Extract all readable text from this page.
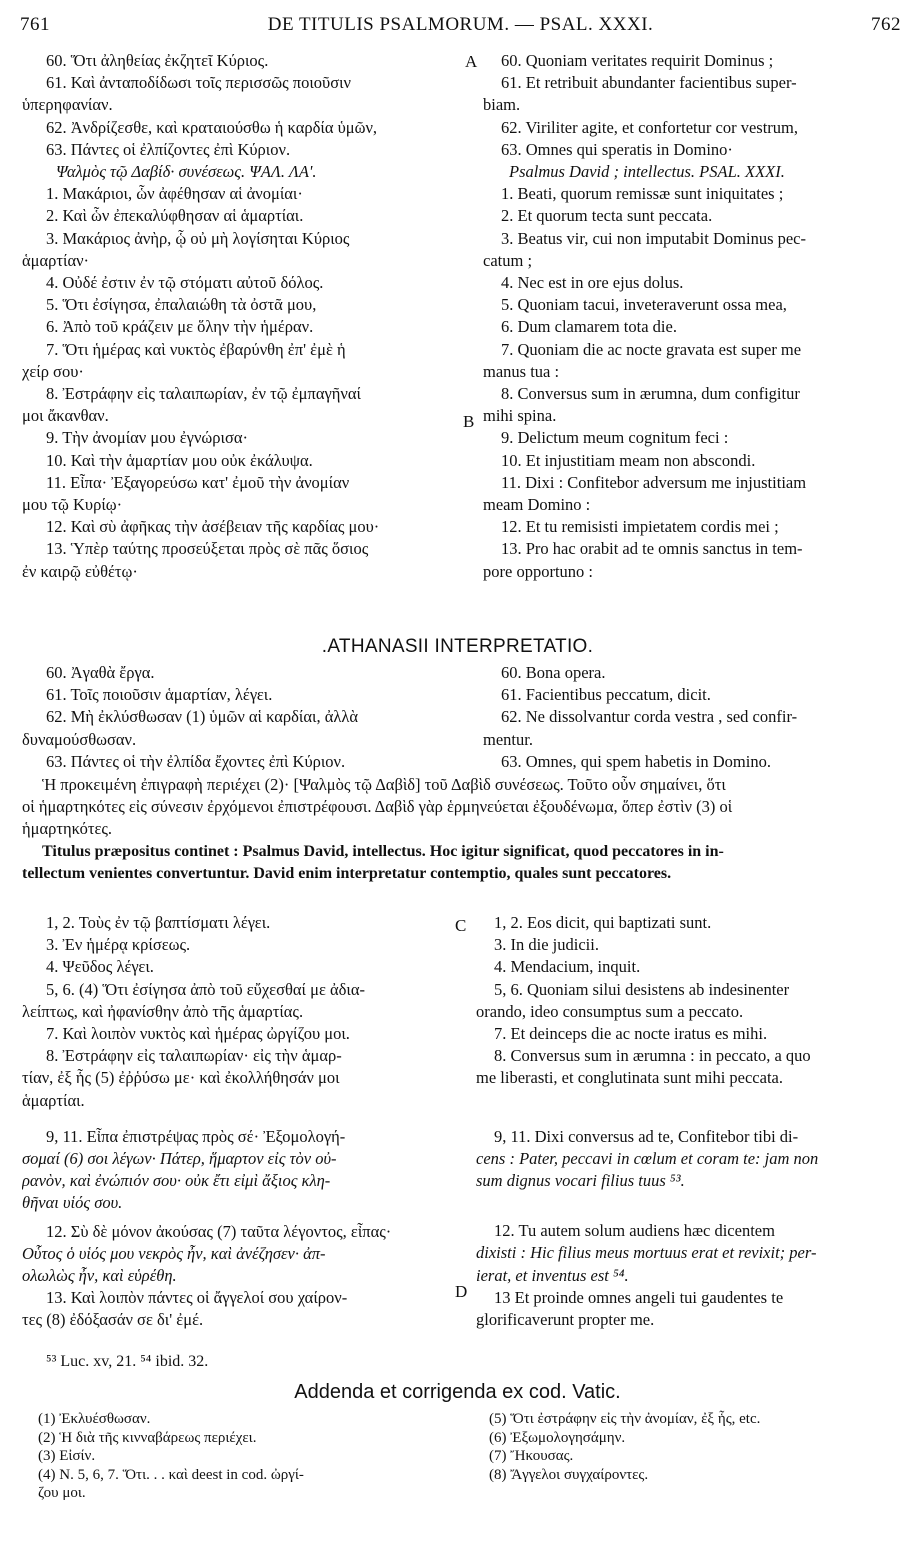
761	DE TITULIS PSALMORUM. — PSAL. XXXI.	762
60. Ὅτι ἀληθείας ἐκζητεῖ Κύριος.
61. Καὶ ἀνταποδίδωσι τοῖς περισσῶς ποιοῦσιν
ὑπερηφανίαν.
62. Ἀνδρίζεσθε, καὶ κραταιούσθω ἡ καρδία ὑμῶν,
63. Πάντες οἱ ἐλπίζοντες ἐπὶ Κύριον.
Ψαλμὸς τῷ Δαβίδ· συνέσεως. ΨΑΛ. ΛΑ'.
1. Μακάριοι, ὧν ἀφέθησαν αἱ ἀνομίαι·
2. Καὶ ὧν ἐπεκαλύφθησαν αἱ ἁμαρτίαι.
3. Μακάριος ἀνὴρ, ᾧ οὐ μὴ λογίσηται Κύριος
ἁμαρτίαν·
4. Οὐδέ ἐστιν ἐν τῷ στόματι αὐτοῦ δόλος.
5. Ὅτι ἐσίγησα, ἐπαλαιώθη τὰ ὀστᾶ μου,
6. Ἀπὸ τοῦ κράζειν με ὅλην τὴν ἡμέραν.
7. Ὅτι ἡμέρας καὶ νυκτὸς ἐβαρύνθη ἐπ' ἐμὲ ἡ
χείρ σου·
8. Ἐστράφην εἰς ταλαιπωρίαν, ἐν τῷ ἐμπαγῆναί
μοι ἄκανθαν.
9. Τὴν ἀνομίαν μου ἐγνώρισα·
10. Καὶ τὴν ἁμαρτίαν μου οὐκ ἐκάλυψα.
11. Εἶπα· Ἐξαγορεύσω κατ' ἐμοῦ τὴν ἀνομίαν
μου τῷ Κυρίῳ·
12. Καὶ σὺ ἀφῆκας τὴν ἀσέβειαν τῆς καρδίας μου·
13. Ὑπὲρ ταύτης προσεύξεται πρὸς σὲ πᾶς ὅσιος
ἐν καιρῷ εὐθέτῳ·
A
B
60. Quoniam veritates requirit Dominus ;
61. Et retribuit abundanter facientibus super-
biam.
62. Viriliter agite, et confortetur cor vestrum,
63. Omnes qui speratis in Domino·
Psalmus David ; intellectus. PSAL. XXXI.
1. Beati, quorum remissæ sunt iniquitates ;
2. Et quorum tecta sunt peccata.
3. Beatus vir, cui non imputabit Dominus pec-
catum ;
4. Nec est in ore ejus dolus.
5. Quoniam tacui, inveteraverunt ossa mea,
6. Dum clamarem tota die.
7. Quoniam die ac nocte gravata est super me
manus tua :
8. Conversus sum in ærumna, dum configitur
mihi spina.
9. Delictum meum cognitum feci :
10. Et injustitiam meam non abscondi.
11. Dixi : Confitebor adversum me injustitiam
meam Domino :
12. Et tu remisisti impietatem cordis mei ;
13. Pro hac orabit ad te omnis sanctus in tem-
pore opportuno :
.ATHANASII INTERPRETATIO.
60. Ἀγαθὰ ἔργα.
61. Τοῖς ποιοῦσιν ἁμαρτίαν, λέγει.
62. Μὴ ἐκλύσθωσαν (1) ὑμῶν αἱ καρδίαι, ἀλλὰ
δυναμούσθωσαν.
63. Πάντες οἱ τὴν ἐλπίδα ἔχοντες ἐπὶ Κύριον.
60. Bona opera.
61. Facientibus peccatum, dicit.
62. Ne dissolvantur corda vestra , sed confir-
mentur.
63. Omnes, qui spem habetis in Domino.
Ἡ προκειμένη ἐπιγραφὴ περιέχει (2)· [Ψαλμὸς τῷ Δαβὶδ] τοῦ Δαβὶδ συνέσεως. Τοῦτο οὖν σημαίνει, ὅτι
οἱ ἡμαρτηκότες εἰς σύνεσιν ἐρχόμενοι ἐπιστρέφουσι. Δαβὶδ γὰρ ἑρμηνεύεται ἐξουδένωμα, ὅπερ ἐστὶν (3) οἱ
ἡμαρτηκότες.
Titulus præpositus continet : Psalmus David, intellectus. Hoc igitur significat, quod peccatores in in-
tellectum venientes convertuntur. David enim interpretatur contemptio, quales sunt peccatores.
C
D
1, 2. Τοὺς ἐν τῷ βαπτίσματι λέγει.
3. Ἐν ἡμέρᾳ κρίσεως.
4. Ψεῦδος λέγει.
5, 6. (4) Ὅτι ἐσίγησα ἀπὸ τοῦ εὔχεσθαί με ἀδια-
λείπτως, καὶ ἠφανίσθην ἀπὸ τῆς ἁμαρτίας.
7. Καὶ λοιπὸν νυκτὸς καὶ ἡμέρας ὠργίζου μοι.
8. Ἐστράφην εἰς ταλαιπωρίαν· εἰς τὴν ἁμαρ-
τίαν, ἐξ ἧς (5) ἐῤῥύσω με· καὶ ἐκολλήθησάν μοι
ἁμαρτίαι.
9, 11. Εἶπα ἐπιστρέψας πρὸς σέ· Ἐξομολογή-
σομαί (6) σοι λέγων· Πάτερ, ἥμαρτον εἰς τὸν οὐ-
ρανὸν, καὶ ἐνώπιόν σου· οὐκ ἔτι εἰμὶ ἄξιος κλη-
θῆναι υἱός σου.
12. Σὺ δὲ μόνον ἀκούσας (7) ταῦτα λέγοντος, εἶπας·
Οὗτος ὁ υἱός μου νεκρὸς ἦν, καὶ ἀνέζησεν· ἀπ-
ολωλὼς ἦν, καὶ εὑρέθη.
13. Καὶ λοιπὸν πάντες οἱ ἄγγελοί σου χαίρον-
τες (8) ἐδόξασάν σε δι' ἐμέ.
1, 2. Eos dicit, qui baptizati sunt.
3. In die judicii.
4. Mendacium, inquit.
5, 6. Quoniam silui desistens ab indesinenter
orando, ideo consumptus sum a peccato.
7. Et deinceps die ac nocte iratus es mihi.
8. Conversus sum in ærumna : in peccato, a quo
me liberasti, et conglutinata sunt mihi peccata.
9, 11. Dixi conversus ad te, Confitebor tibi di-
cens : Pater, peccavi in cœlum et coram te: jam non
sum dignus vocari filius tuus ⁵³.
12. Tu autem solum audiens hæc dicentem
dixisti : Hic filius meus mortuus erat et revixit; per-
ierat, et inventus est ⁵⁴.
13 Et proinde omnes angeli tui gaudentes te
glorificaverunt propter me.
⁵³ Luc. xv, 21. ⁵⁴ ibid. 32.
Addenda et corrigenda ex cod. Vatic.
(1) Ἐκλυέσθωσαν.
(2) Ἡ διὰ τῆς κινναβάρεως περιέχει.
(3) Εἰσίν.
(4) N. 5, 6, 7. Ὅτι. . . καὶ deest in cod. ὠργί-
ζου μοι.
(5) Ὅτι ἐστράφην εἰς τὴν ἀνομίαν, ἐξ ἧς, etc.
(6) Ἐξωμολογησάμην.
(7) Ἤκουσας.
(8) Ἄγγελοι συγχαίροντες.
